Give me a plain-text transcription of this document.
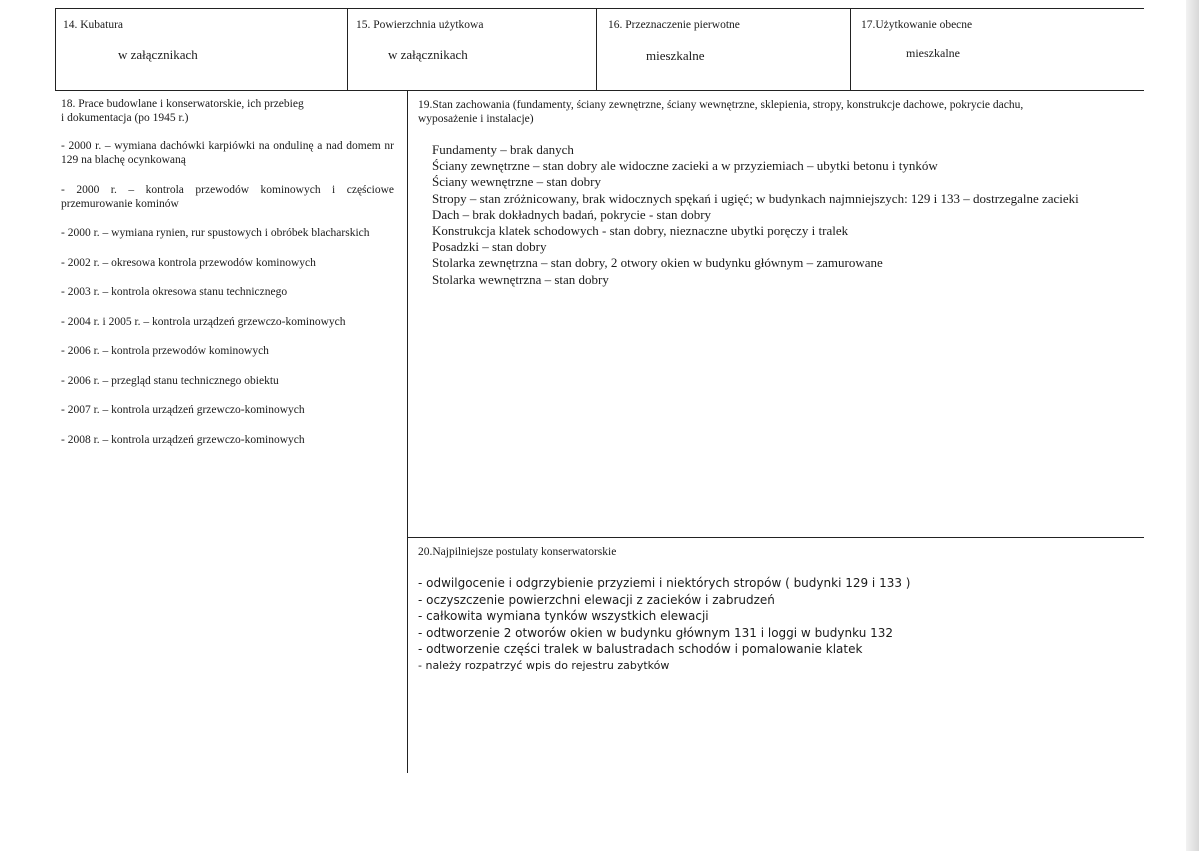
14. Kubatura
w załącznikach
15. Powierzchnia użytkowa
w załącznikach
16. Przeznaczenie pierwotne
mieszkalne
17.Użytkowanie obecne
mieszkalne
18. Prace budowlane i konserwatorskie, ich przebieg
i dokumentacja (po 1945 r.)
- 2000 r. – wymiana dachówki karpiówki na ondulinę a nad domem nr 129 na blachę ocynkowaną
- 2000 r. – kontrola przewodów kominowych i częściowe przemurowanie kominów
- 2000 r. – wymiana rynien, rur spustowych i obróbek blacharskich
- 2002 r. – okresowa kontrola przewodów kominowych
- 2003 r. – kontrola okresowa stanu technicznego
- 2004 r. i 2005 r. – kontrola urządzeń grzewczo-kominowych
- 2006 r. – kontrola przewodów kominowych
- 2006 r. – przegląd stanu technicznego obiektu
- 2007 r. – kontrola urządzeń grzewczo-kominowych
- 2008 r. – kontrola urządzeń grzewczo-kominowych
19.Stan zachowania (fundamenty, ściany zewnętrzne, ściany wewnętrzne, sklepienia, stropy, konstrukcje dachowe, pokrycie dachu,
wyposażenie i instalacje)
Fundamenty – brak danych
Ściany zewnętrzne – stan dobry ale widoczne zacieki a w przyziemiach – ubytki betonu i tynków
Ściany wewnętrzne – stan dobry
Stropy – stan zróżnicowany, brak widocznych spękań i ugięć; w budynkach najmniejszych: 129 i 133 – dostrzegalne zacieki
Dach – brak dokładnych badań, pokrycie - stan dobry
Konstrukcja klatek schodowych - stan dobry, nieznaczne ubytki poręczy i tralek
Posadzki – stan dobry
Stolarka zewnętrzna – stan dobry, 2 otwory okien w budynku głównym – zamurowane
Stolarka wewnętrzna – stan dobry
20.Najpilniejsze postulaty konserwatorskie
- odwilgocenie i odgrzybienie przyziemi i niektórych stropów ( budynki 129 i 133 )
- oczyszczenie powierzchni elewacji z zacieków i zabrudzeń
- całkowita wymiana tynków wszystkich elewacji
- odtworzenie 2 otworów okien w budynku głównym 131 i loggi w budynku 132
- odtworzenie części tralek w balustradach schodów i pomalowanie klatek
- należy rozpatrzyć wpis do rejestru zabytków
